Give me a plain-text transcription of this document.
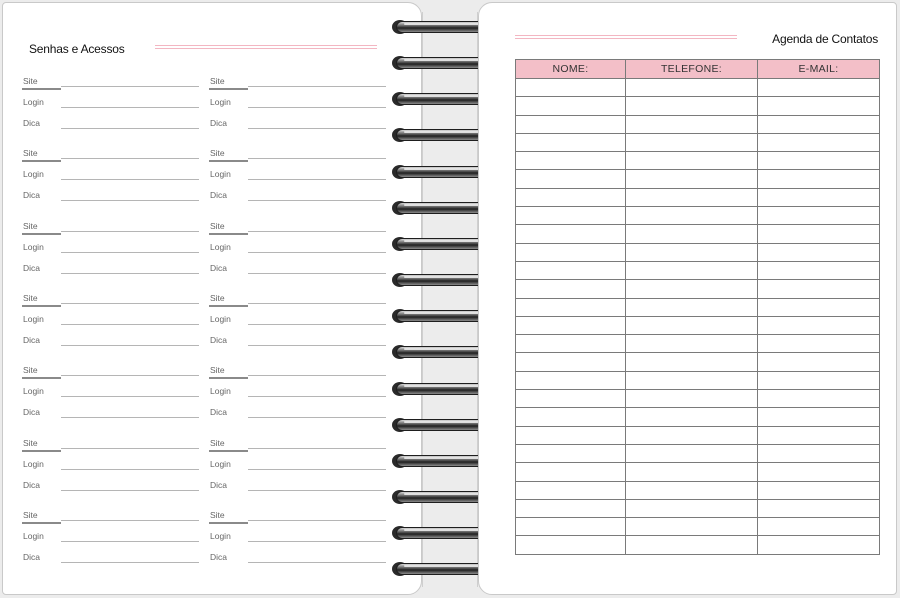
Senhas e Acessos
Site
Login
Dica
Site
Login
Dica
Site
Login
Dica
Site
Login
Dica
Site
Login
Dica
Site
Login
Dica
Site
Login
Dica
Site
Login
Dica
Site
Login
Dica
Site
Login
Dica
Site
Login
Dica
Site
Login
Dica
Site
Login
Dica
Site
Login
Dica
Agenda de Contatos
NOME:	TELEFONE:	E-MAIL:
